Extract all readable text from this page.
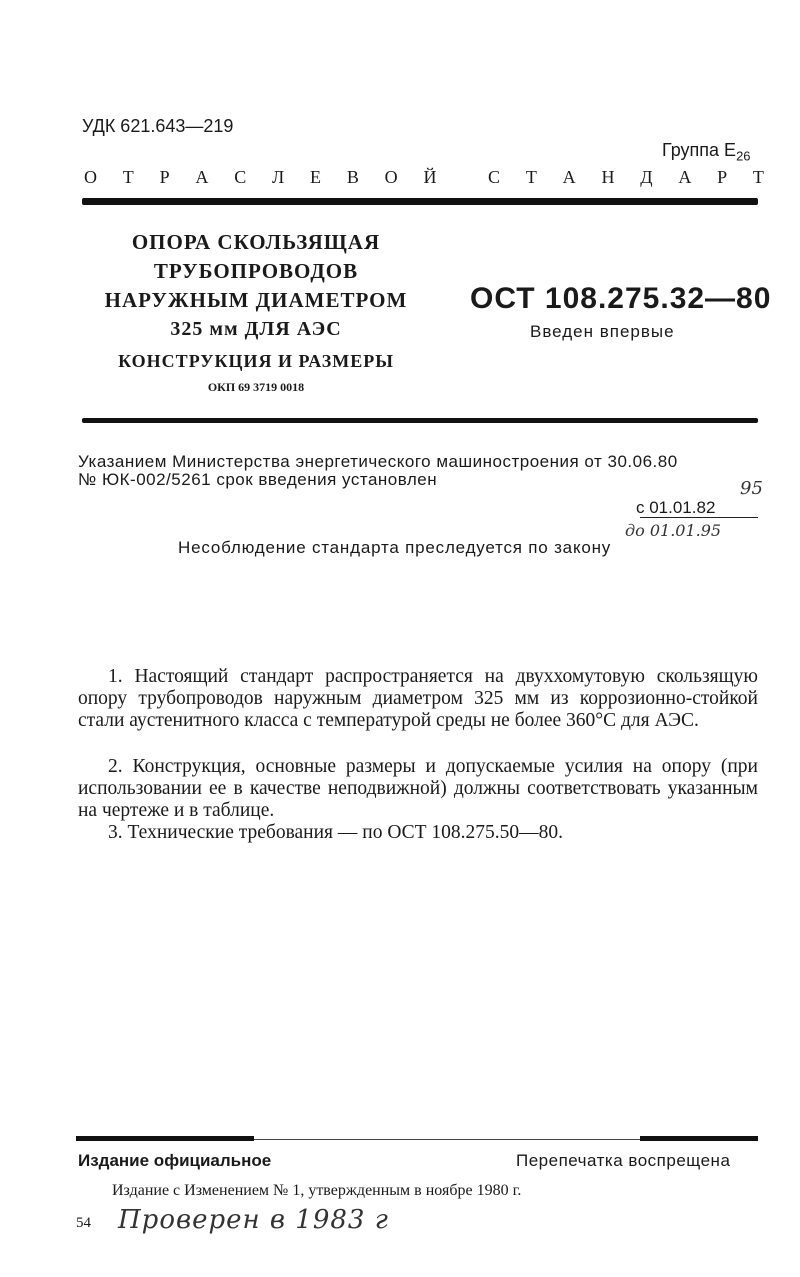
УДК 621.643—219
Группа $Е_{26}$
О Т Р А С Л Е В О Й	С Т А Н Д А Р Т
ОПОРА СКОЛЬЗЯЩАЯ
ТРУБОПРОВОДОВ
НАРУЖНЫМ ДИАМЕТРОМ
325 мм ДЛЯ АЭС
КОНСТРУКЦИЯ И РАЗМЕРЫ
ОКП 69 3719 0018
ОСТ 108.275.32—80
Введен впервые
Указанием Министерства энергетического машиностроения от 30.06.80
№ ЮК-002/5261 срок введения установлен	95
с 01.01.82
до 01.01.95
Несоблюдение стандарта преследуется по закону
1. Настоящий стандарт распространяется на двуххомутовую скользящую опору трубопроводов наружным диаметром 325 мм из коррозионно-стойкой стали аустенитного класса с температурой среды не более 360°С для АЭС.
2. Конструкция, основные размеры и допускаемые усилия на опору (при использовании ее в качестве неподвижной) должны соответствовать указанным на чертеже и в таблице.
3. Технические требования — по ОСТ 108.275.50—80.
Издание официальное	Перепечатка воспрещена
Издание с Изменением № 1, утвержденным в ноябре 1980 г.
54 Проверен в 1983 г
